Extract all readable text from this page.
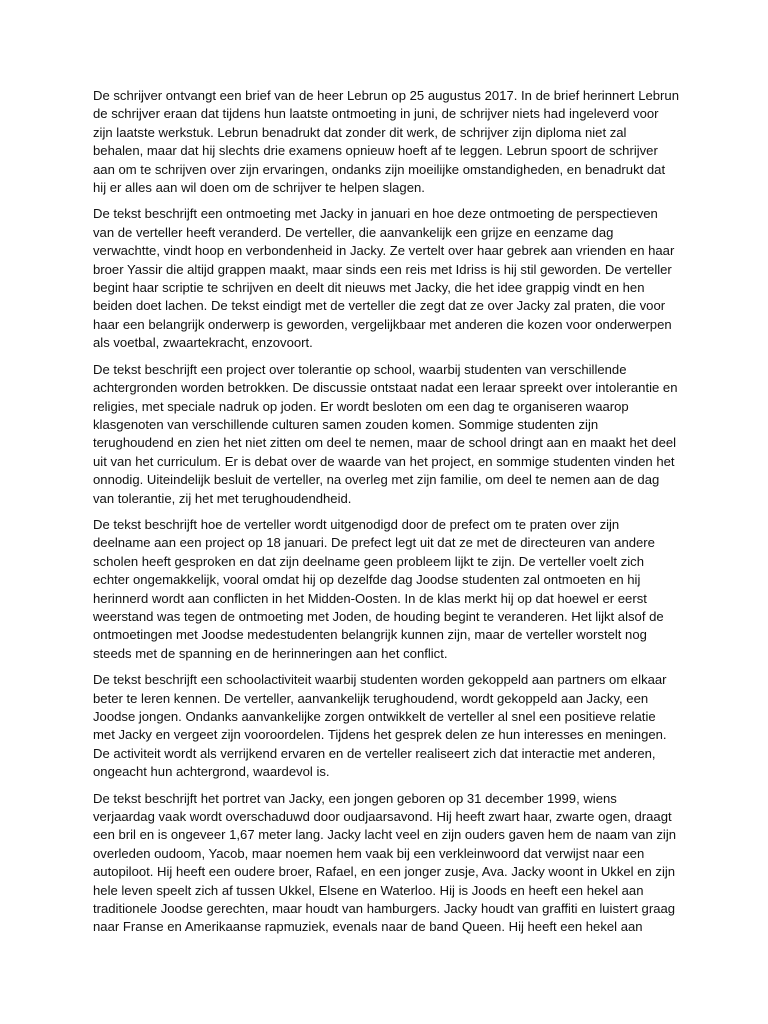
De schrijver ontvangt een brief van de heer Lebrun op 25 augustus 2017. In de brief herinnert Lebrun de schrijver eraan dat tijdens hun laatste ontmoeting in juni, de schrijver niets had ingeleverd voor zijn laatste werkstuk. Lebrun benadrukt dat zonder dit werk, de schrijver zijn diploma niet zal behalen, maar dat hij slechts drie examens opnieuw hoeft af te leggen. Lebrun spoort de schrijver aan om te schrijven over zijn ervaringen, ondanks zijn moeilijke omstandigheden, en benadrukt dat hij er alles aan wil doen om de schrijver te helpen slagen.

De tekst beschrijft een ontmoeting met Jacky in januari en hoe deze ontmoeting de perspectieven van de verteller heeft veranderd. De verteller, die aanvankelijk een grijze en eenzame dag verwachtte, vindt hoop en verbondenheid in Jacky. Ze vertelt over haar gebrek aan vrienden en haar broer Yassir die altijd grappen maakt, maar sinds een reis met Idriss is hij stil geworden. De verteller begint haar scriptie te schrijven en deelt dit nieuws met Jacky, die het idee grappig vindt en hen beiden doet lachen. De tekst eindigt met de verteller die zegt dat ze over Jacky zal praten, die voor haar een belangrijk onderwerp is geworden, vergelijkbaar met anderen die kozen voor onderwerpen als voetbal, zwaartekracht, enzovoort.

De tekst beschrijft een project over tolerantie op school, waarbij studenten van verschillende achtergronden worden betrokken. De discussie ontstaat nadat een leraar spreekt over intolerantie en religies, met speciale nadruk op joden. Er wordt besloten om een dag te organiseren waarop klasgenoten van verschillende culturen samen zouden komen. Sommige studenten zijn terughoudend en zien het niet zitten om deel te nemen, maar de school dringt aan en maakt het deel uit van het curriculum. Er is debat over de waarde van het project, en sommige studenten vinden het onnodig. Uiteindelijk besluit de verteller, na overleg met zijn familie, om deel te nemen aan de dag van tolerantie, zij het met terughoudendheid.

De tekst beschrijft hoe de verteller wordt uitgenodigd door de prefect om te praten over zijn deelname aan een project op 18 januari. De prefect legt uit dat ze met de directeuren van andere scholen heeft gesproken en dat zijn deelname geen probleem lijkt te zijn. De verteller voelt zich echter ongemakkelijk, vooral omdat hij op dezelfde dag Joodse studenten zal ontmoeten en hij herinnerd wordt aan conflicten in het Midden-Oosten. In de klas merkt hij op dat hoewel er eerst weerstand was tegen de ontmoeting met Joden, de houding begint te veranderen. Het lijkt alsof de ontmoetingen met Joodse medestudenten belangrijk kunnen zijn, maar de verteller worstelt nog steeds met de spanning en de herinneringen aan het conflict.

De tekst beschrijft een schoolactiviteit waarbij studenten worden gekoppeld aan partners om elkaar beter te leren kennen. De verteller, aanvankelijk terughoudend, wordt gekoppeld aan Jacky, een Joodse jongen. Ondanks aanvankelijke zorgen ontwikkelt de verteller al snel een positieve relatie met Jacky en vergeet zijn vooroordelen. Tijdens het gesprek delen ze hun interesses en meningen. De activiteit wordt als verrijkend ervaren en de verteller realiseert zich dat interactie met anderen, ongeacht hun achtergrond, waardevol is.

De tekst beschrijft het portret van Jacky, een jongen geboren op 31 december 1999, wiens verjaardag vaak wordt overschaduwd door oudjaarsavond. Hij heeft zwart haar, zwarte ogen, draagt een bril en is ongeveer 1,67 meter lang. Jacky lacht veel en zijn ouders gaven hem de naam van zijn overleden oudoom, Yacob, maar noemen hem vaak bij een verkleinwoord dat verwijst naar een autopiloot. Hij heeft een oudere broer, Rafael, en een jonger zusje, Ava. Jacky woont in Ukkel en zijn hele leven speelt zich af tussen Ukkel, Elsene en Waterloo. Hij is Joods en heeft een hekel aan traditionele Joodse gerechten, maar houdt van hamburgers. Jacky houdt van graffiti en luistert graag naar Franse en Amerikaanse rapmuziek, evenals naar de band Queen. Hij heeft een hekel aan
